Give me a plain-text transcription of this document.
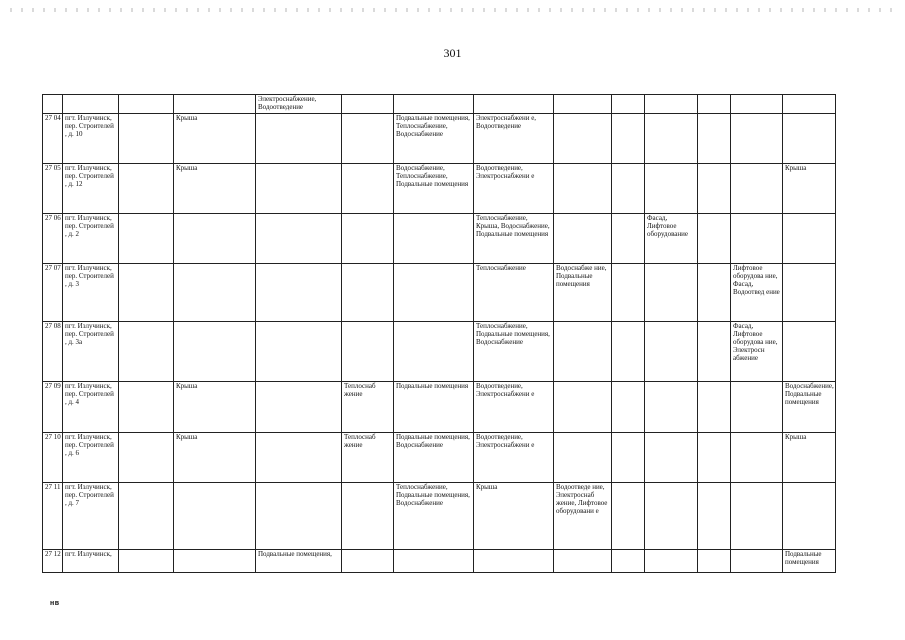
301
				Электроснабжение, Водоотведение									
27 04	пгт. Излучинск, пер. Строителей , д. 10		Крыша			Подвальные помещения, Теплоснабжение, Водоснабжение	Электроснабжени е, Водоотведение						
27 05	пгт. Излучинск, пер. Строителей , д. 12		Крыша			Водоснабжение, Теплоснабжение, Подвальные помещения	Водоотведение, Электроснабжени е						Крыша
27 06	пгт. Излучинск, пер. Строителей , д. 2						Теплоснабжение, Крыша, Водоснабжение, Подвальные помещения			Фасад, Лифтовое оборудование			
27 07	пгт. Излучинск, пер. Строителей , д. 3						Теплоснабжение	Водоснабже ние, Подвальные помещения				Лифтовое оборудова ние, Фасад, Водоотвед ение	
27 08	пгт. Излучинск, пер. Строителей , д. 3а						Теплоснабжение, Подвальные помещения, Водоснабжение					Фасад, Лифтовое оборудова ние, Электросн абжение	
27 09	пгт. Излучинск, пер. Строителей , д. 4		Крыша		Теплоснаб жение	Подвальные помещения	Водоотведение, Электроснабжени е						Водоснабжение, Подвальные помещения
27 10	пгт. Излучинск, пер. Строителей , д. 6		Крыша		Теплоснаб жение	Подвальные помещения, Водоснабжение	Водоотведение, Электроснабжени е						Крыша
27 11	пгт. Излучинск, пер. Строителей , д. 7					Теплоснабжение, Подвальные помещения, Водоснабжение	Крыша	Водоотведе ние, Электроснаб жение, Лифтовое оборудовани е					
27 12	пгт. Излучинск,			Подвальные помещения,									Подвальные помещения
нв
